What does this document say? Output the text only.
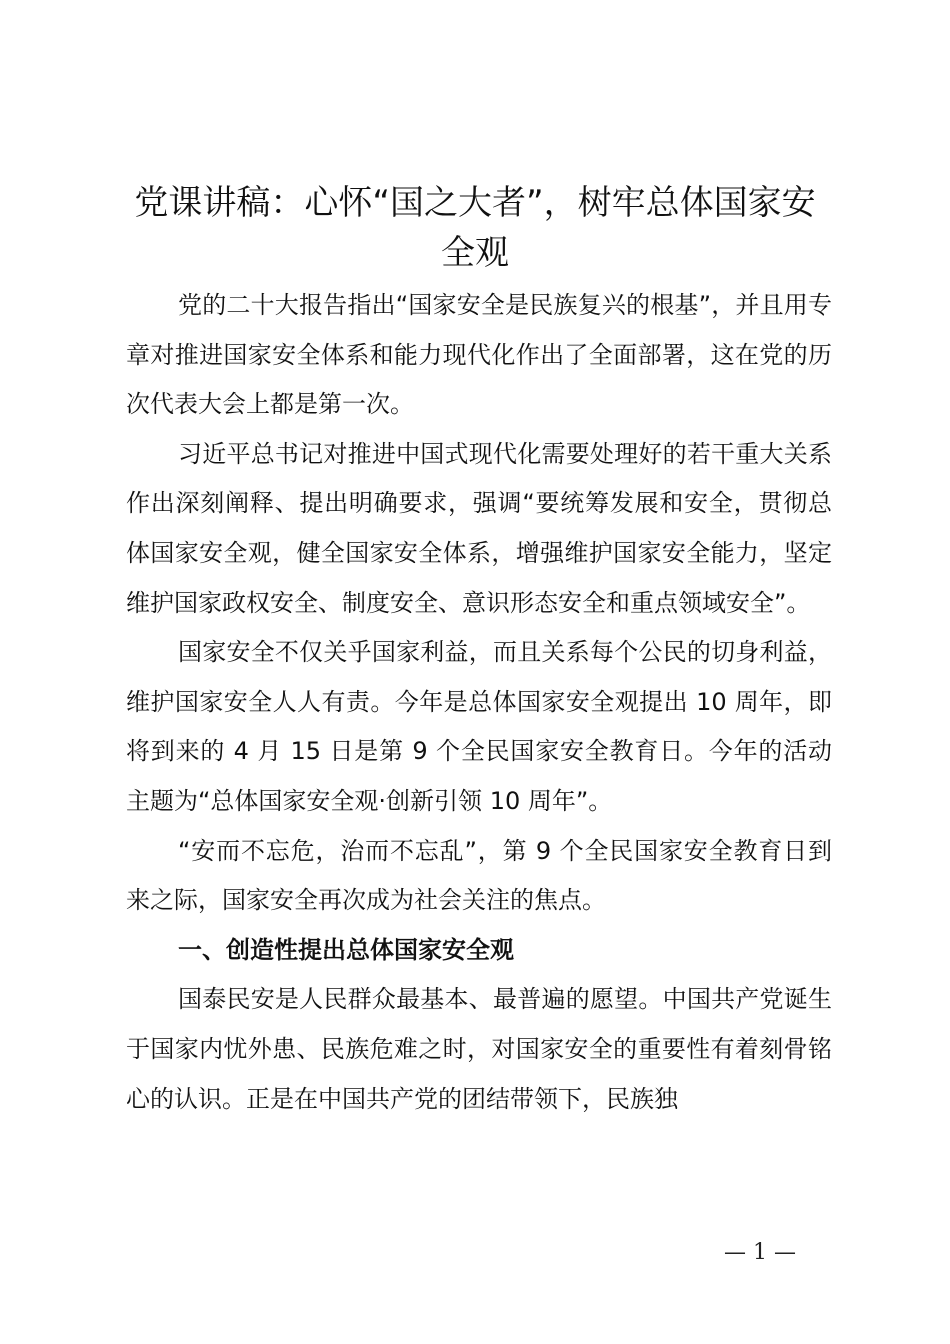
党课讲稿：心怀“国之大者”，树牢总体国家安全观

党的二十大报告指出“国家安全是民族复兴的根基”，并且用专章对推进国家安全体系和能力现代化作出了全面部署，这在党的历次代表大会上都是第一次。

习近平总书记对推进中国式现代化需要处理好的若干重大关系作出深刻阐释、提出明确要求，强调“要统筹发展和安全，贯彻总体国家安全观，健全国家安全体系，增强维护国家安全能力，坚定维护国家政权安全、制度安全、意识形态安全和重点领域安全”。

国家安全不仅关乎国家利益，而且关系每个公民的切身利益，维护国家安全人人有责。今年是总体国家安全观提出 10 周年，即将到来的 4 月 15 日是第 9 个全民国家安全教育日。今年的活动主题为“总体国家安全观·创新引领 10 周年”。

“安而不忘危，治而不忘乱”，第 9 个全民国家安全教育日到来之际，国家安全再次成为社会关注的焦点。

一、创造性提出总体国家安全观

国泰民安是人民群众最基本、最普遍的愿望。中国共产党诞生于国家内忧外患、民族危难之时，对国家安全的重要性有着刻骨铭心的认识。正是在中国共产党的团结带领下，民族独

— 1 —
